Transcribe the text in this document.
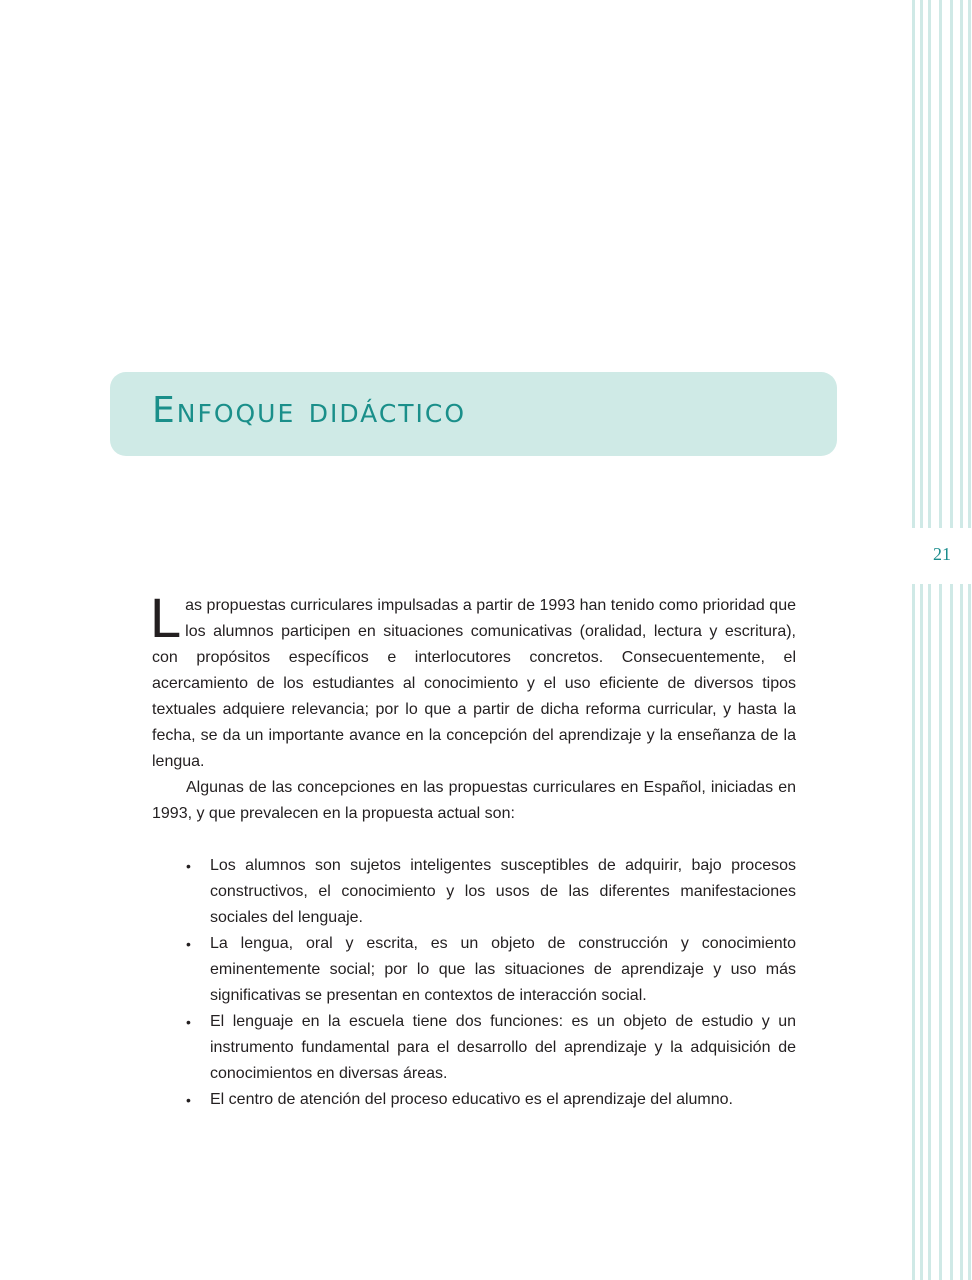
21
Enfoque didáctico

Las propuestas curriculares impulsadas a partir de 1993 han tenido como prioridad que los alumnos participen en situaciones comunicativas (oralidad, lectura y escritura), con propósitos específicos e interlocutores concretos. Consecuentemente, el acercamiento de los estudiantes al conocimiento y el uso eficiente de diversos tipos textuales adquiere relevancia; por lo que a partir de dicha reforma curricular, y hasta la fecha, se da un importante avance en la concepción del aprendizaje y la enseñanza de la lengua.

Algunas de las concepciones en las propuestas curriculares en Español, iniciadas en 1993, y que prevalecen en la propuesta actual son:

• Los alumnos son sujetos inteligentes susceptibles de adquirir, bajo procesos constructivos, el conocimiento y los usos de las diferentes manifestaciones sociales del lenguaje.
• La lengua, oral y escrita, es un objeto de construcción y conocimiento eminentemente social; por lo que las situaciones de aprendizaje y uso más significativas se presentan en contextos de interacción social.
• El lenguaje en la escuela tiene dos funciones: es un objeto de estudio y un instrumento fundamental para el desarrollo del aprendizaje y la adquisición de conocimientos en diversas áreas.
• El centro de atención del proceso educativo es el aprendizaje del alumno.
